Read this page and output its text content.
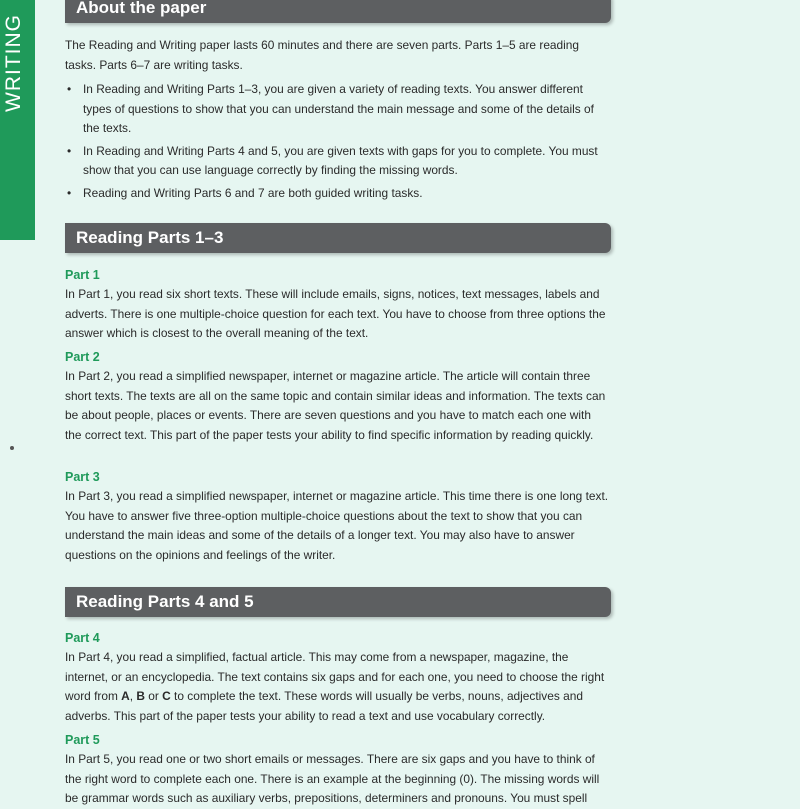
WRITING
About the paper
The Reading and Writing paper lasts 60 minutes and there are seven parts. Parts 1–5 are reading tasks. Parts 6–7 are writing tasks.
• In Reading and Writing Parts 1–3, you are given a variety of reading texts. You answer different types of questions to show that you can understand the main message and some of the details of the texts.
• In Reading and Writing Parts 4 and 5, you are given texts with gaps for you to complete. You must show that you can use language correctly by finding the missing words.
• Reading and Writing Parts 6 and 7 are both guided writing tasks.
Reading Parts 1–3
Part 1
In Part 1, you read six short texts. These will include emails, signs, notices, text messages, labels and adverts. There is one multiple-choice question for each text. You have to choose from three options the answer which is closest to the overall meaning of the text.
Part 2
In Part 2, you read a simplified newspaper, internet or magazine article. The article will contain three short texts. The texts are all on the same topic and contain similar ideas and information. The texts can be about people, places or events. There are seven questions and you have to match each one with the correct text. This part of the paper tests your ability to find specific information by reading quickly.
Part 3
In Part 3, you read a simplified newspaper, internet or magazine article. This time there is one long text. You have to answer five three-option multiple-choice questions about the text to show that you can understand the main ideas and some of the details of a longer text. You may also have to answer questions on the opinions and feelings of the writer.
Reading Parts 4 and 5
Part 4
In Part 4, you read a simplified, factual article. This may come from a newspaper, magazine, the internet, or an encyclopedia. The text contains six gaps and for each one, you need to choose the right word from A, B or C to complete the text. These words will usually be verbs, nouns, adjectives and adverbs. This part of the paper tests your ability to read a text and use vocabulary correctly.
Part 5
In Part 5, you read one or two short emails or messages. There are six gaps and you have to think of the right word to complete each one. There is an example at the beginning (0). The missing words will be grammar words such as auxiliary verbs, prepositions, determiners and pronouns. You must spell
